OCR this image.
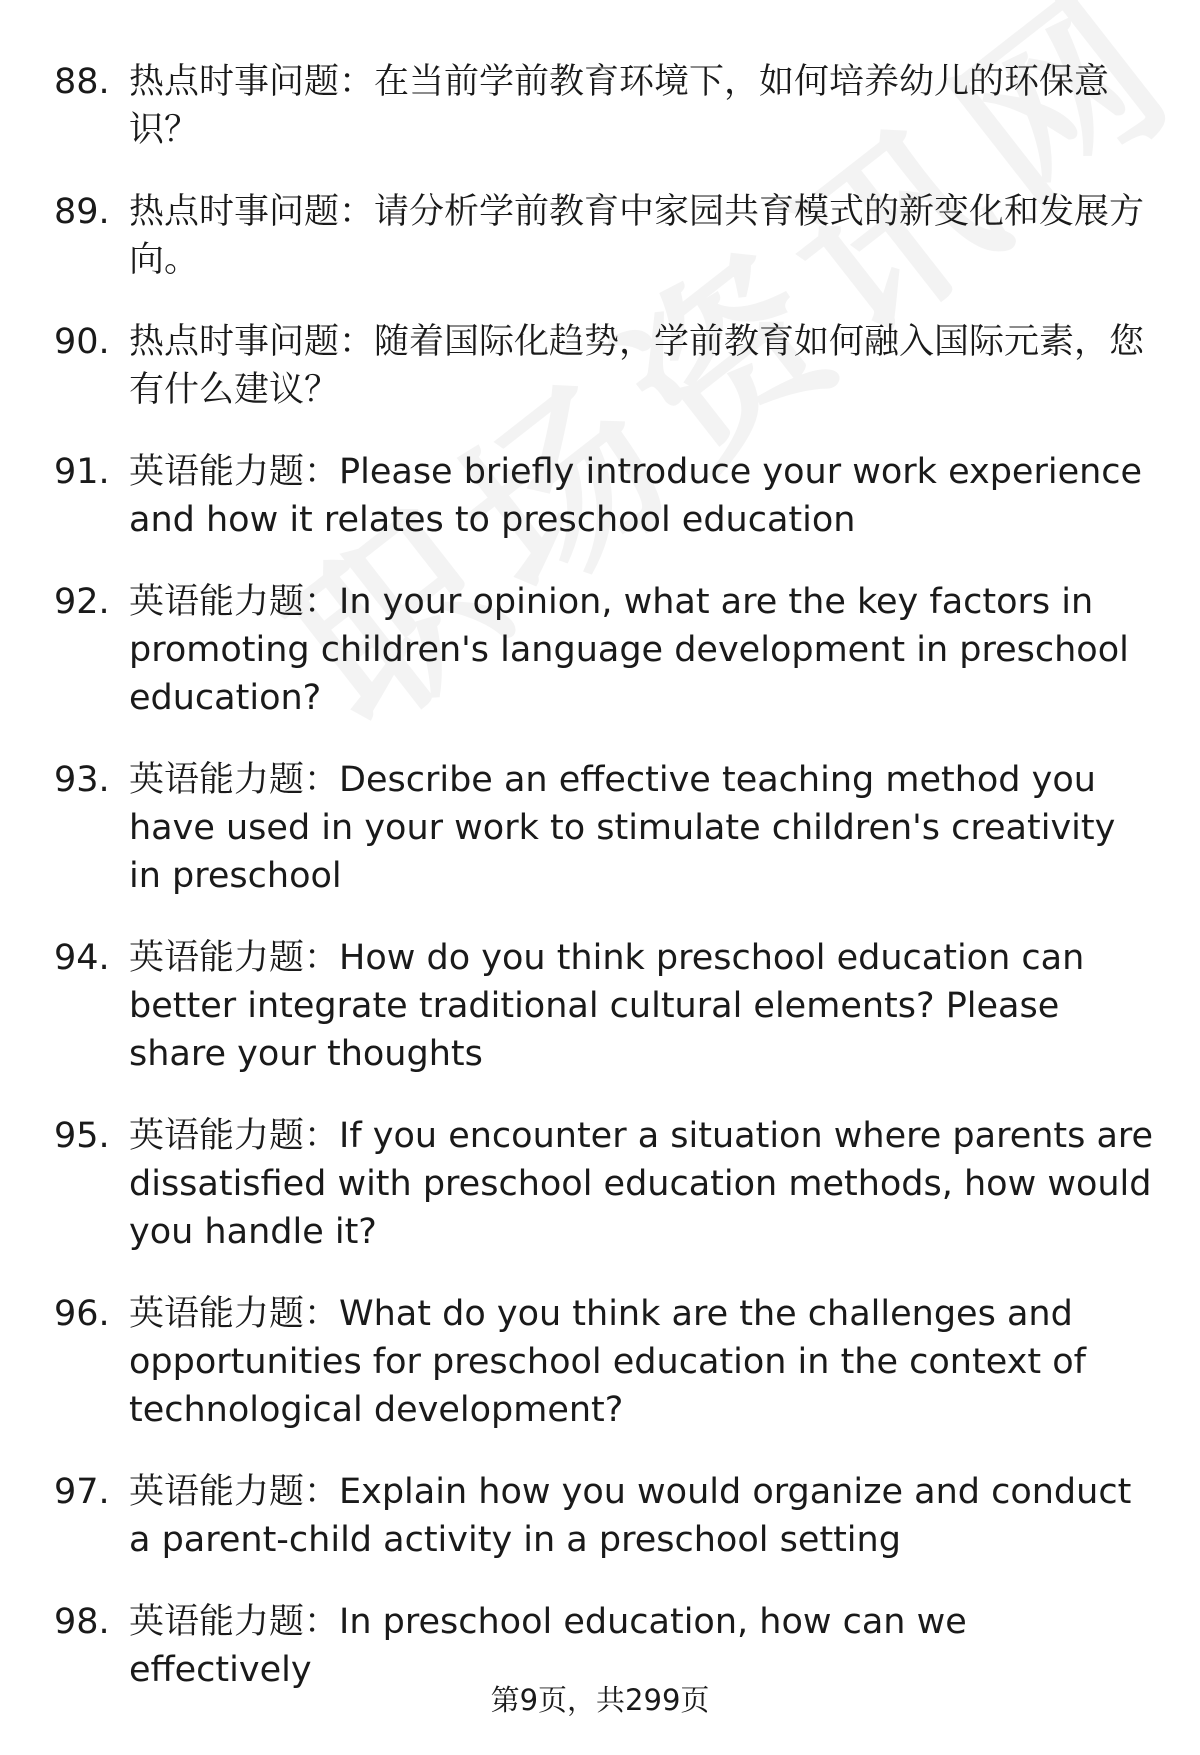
88. 热点时事问题：在当前学前教育环境下，如何培养幼儿的环保意识？
89. 热点时事问题：请分析学前教育中家园共育模式的新变化和发展方向。
90. 热点时事问题：随着国际化趋势，学前教育如何融入国际元素，您有什么建议？
91. 英语能力题：Please briefly introduce your work experience and how it relates to preschool education
92. 英语能力题：In your opinion, what are the key factors in promoting children's language development in preschool education?
93. 英语能力题：Describe an effective teaching method you have used in your work to stimulate children's creativity in preschool
94. 英语能力题：How do you think preschool education can better integrate traditional cultural elements? Please share your thoughts
95. 英语能力题：If you encounter a situation where parents are dissatisfied with preschool education methods, how would you handle it?
96. 英语能力题：What do you think are the challenges and opportunities for preschool education in the context of technological development?
97. 英语能力题：Explain how you would organize and conduct a parent-child activity in a preschool setting
98. 英语能力题：In preschool education, how can we effectively
第9页，共299页
